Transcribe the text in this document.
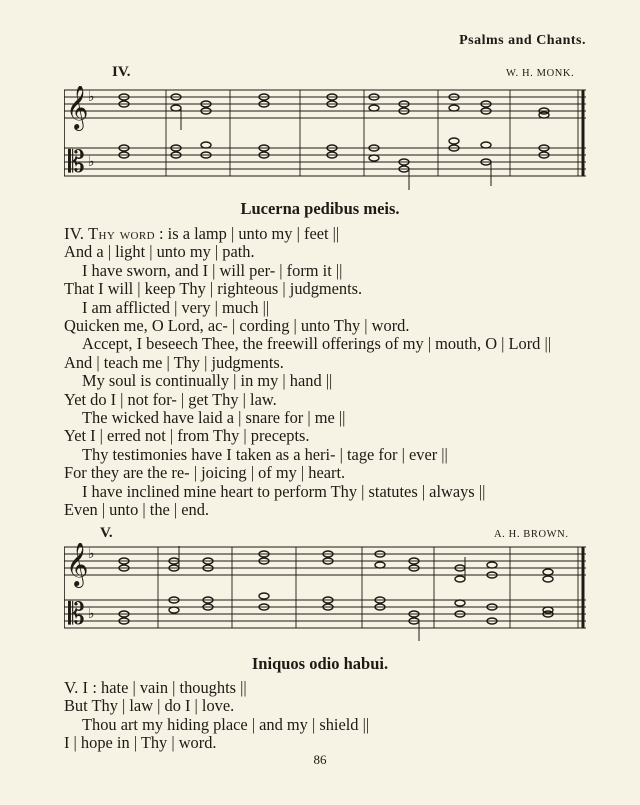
Psalms and Chants.
IV.	W. H. MONK.
𝄞
𝄡
♭
♭
Lucerna pedibus meis.
IV. Thy word : is a lamp | unto my | feet ||
And a | light | unto my | path.
I have sworn, and I | will per- | form it ||
That I will | keep Thy | righteous | judgments.
I am afflicted | very | much ||
Quicken me, O Lord, ac- | cording | unto Thy | word.
Accept, I beseech Thee, the freewill offerings of my | mouth, O | Lord ||
And | teach me | Thy | judgments.
My soul is continually | in my | hand ||
Yet do I | not for- | get Thy | law.
The wicked have laid a | snare for | me ||
Yet I | erred not | from Thy | precepts.
Thy testimonies have I taken as a heri- | tage for | ever ||
For they are the re- | joicing | of my | heart.
I have inclined mine heart to perform Thy | statutes | always ||
Even | unto | the | end.
V.	A. H. BROWN.
𝄞
𝄡
♭
♭
Iniquos odio habui.
V. I : hate | vain | thoughts ||
But Thy | law | do I | love.
Thou art my hiding place | and my | shield ||
I | hope in | Thy | word.
86
